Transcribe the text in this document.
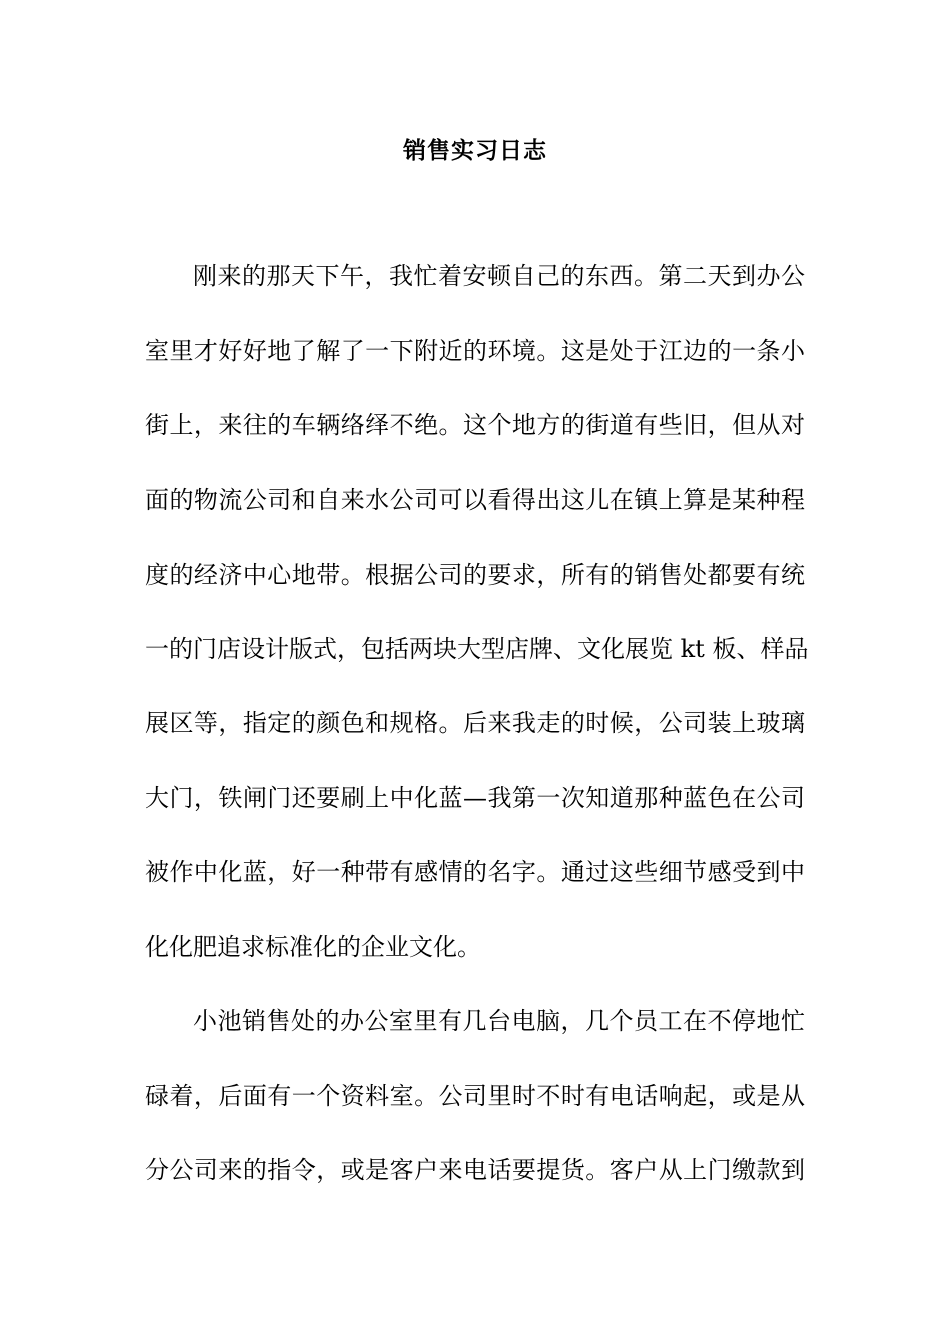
销售实习日志
刚来的那天下午，我忙着安顿自己的东西。第二天到办公
室里才好好地了解了一下附近的环境。这是处于江边的一条小
街上，来往的车辆络绎不绝。这个地方的街道有些旧，但从对
面的物流公司和自来水公司可以看得出这儿在镇上算是某种程
度的经济中心地带。根据公司的要求，所有的销售处都要有统
一的门店设计版式，包括两块大型店牌、文化展览 kt 板、样品
展区等，指定的颜色和规格。后来我走的时候，公司装上玻璃
大门，铁闸门还要刷上中化蓝—我第一次知道那种蓝色在公司
被作中化蓝，好一种带有感情的名字。通过这些细节感受到中
化化肥追求标准化的企业文化。
小池销售处的办公室里有几台电脑，几个员工在不停地忙
碌着，后面有一个资料室。公司里时不时有电话响起，或是从
分公司来的指令，或是客户来电话要提货。客户从上门缴款到
